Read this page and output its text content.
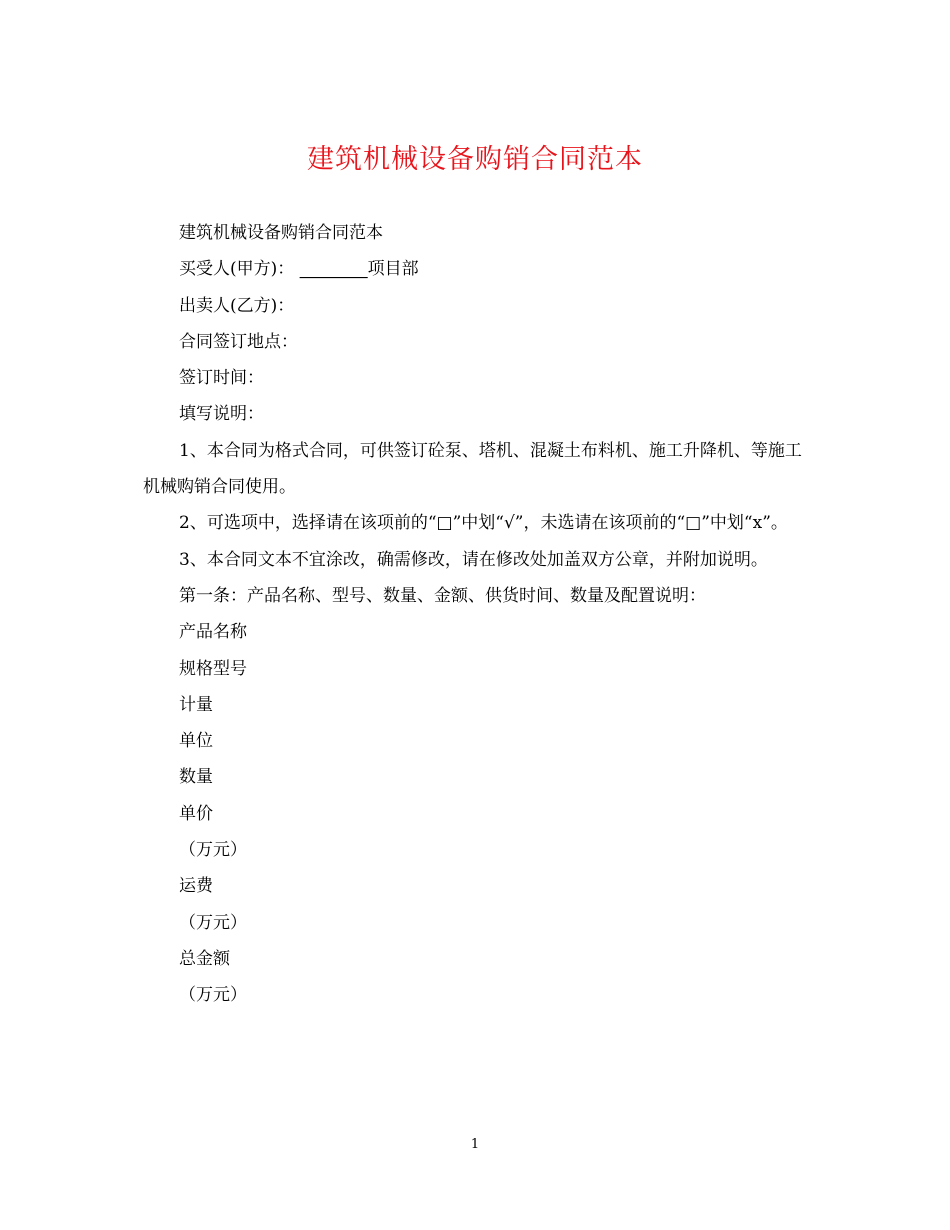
建筑机械设备购销合同范本
建筑机械设备购销合同范本
买受人(甲方)： ________项目部
出卖人(乙方)：
合同签订地点：
签订时间：
填写说明：
1、本合同为格式合同，可供签订砼泵、塔机、混凝土布料机、施工升降机、等施工机械购销合同使用。
2、可选项中，选择请在该项前的“□”中划“√”，未选请在该项前的“□”中划“x”。
3、本合同文本不宜涂改，确需修改，请在修改处加盖双方公章，并附加说明。
第一条：产品名称、型号、数量、金额、供货时间、数量及配置说明：
产品名称
规格型号
计量
单位
数量
单价
（万元）
运费
（万元）
总金额
（万元）
1
